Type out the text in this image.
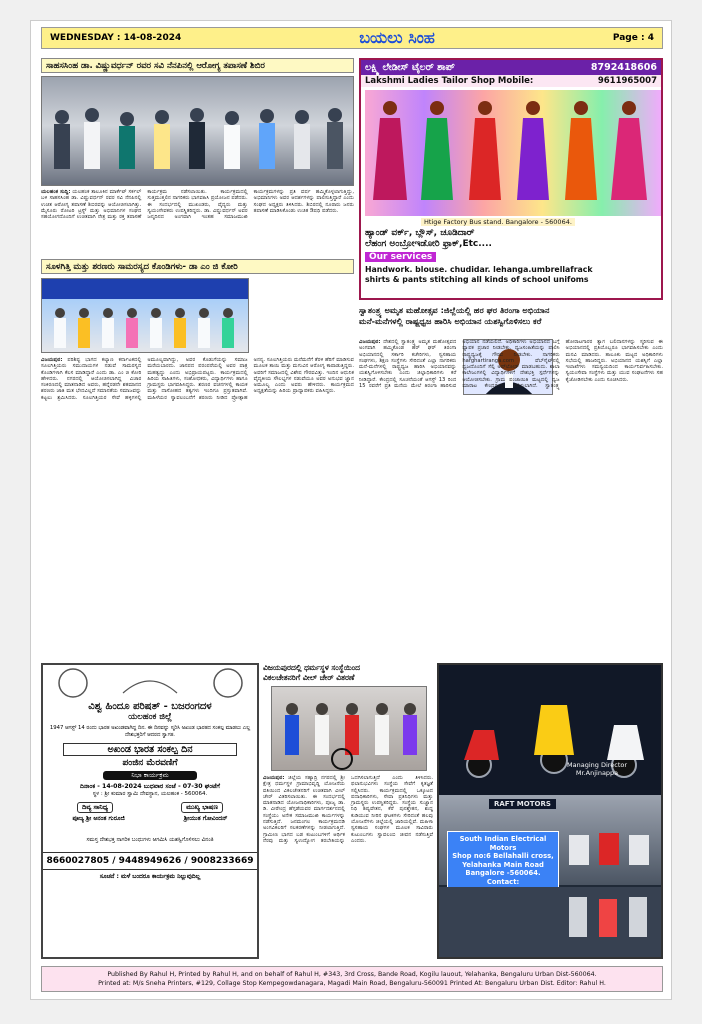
WEDNESDAY : 14-08-2024	ಬಯಲು ಸಿಂಹ	Page : 4
ಸಾಹಸಸಿಂಹ ಡಾ. ವಿಷ್ಣುವರ್ಧನ್ ರವರ ಸವಿ ನೆನಪಿನಲ್ಲಿ ಆರೋಗ್ಯ ತಪಾಸಣೆ ಶಿಬಿರ
ಯಲಹಂಕ ಸುದ್ದಿ: ಯಲಹಂಕ ತಾಲೂಕಿನ ಮಾರ್ಕೆಟ್ ಸರ್ಕಲ್ ಬಳಿ ಸಾಹಸಸಿಂಹ ಡಾ. ವಿಷ್ಣುವರ್ಧನ್ ರವರ ಸವಿ ನೆನಪಿನಲ್ಲಿ ಉಚಿತ ಆರೋಗ್ಯ ತಪಾಸಣೆ ಶಿಬಿರವನ್ನು ಆಯೋಜಿಸಲಾಗಿತ್ತು. ಮೈಸೂರು ರೋಟರಿ ಟ್ರಸ್ಟ್ ಮತ್ತು ಅಭಿಮಾನಿಗಳ ಸಂಘದ ಸಹಯೋಗದೊಂದಿಗೆ ಉಚಿತವಾಗಿ ನೇತ್ರ ಮತ್ತು ರಕ್ತ ತಪಾಸಣೆ ಕಾರ್ಯಕ್ರಮ ನಡೆಸಲಾಯಿತು. ಕಾರ್ಯಕ್ರಮದಲ್ಲಿ ಸುತ್ತಮುತ್ತಲಿನ ನಾಗರಿಕರು ಭಾಗವಹಿಸಿ ಪ್ರಯೋಜನ ಪಡೆದರು. ಈ ಸಂದರ್ಭದಲ್ಲಿ ಮುಖಂಡರು, ವೈದ್ಯರು ಮತ್ತು ಸ್ವಯಂಸೇವಕರು ಉಪಸ್ಥಿತರಿದ್ದರು. ಡಾ. ವಿಷ್ಣುವರ್ಧನ್ ಅವರ ಜನ್ಮದಿನದ ಅಂಗವಾಗಿ ಇಂತಹ ಸಮಾಜಮುಖಿ ಕಾರ್ಯಕ್ರಮಗಳನ್ನು ಪ್ರತಿ ವರ್ಷ ಹಮ್ಮಿಕೊಳ್ಳಲಾಗುತ್ತಿದ್ದು, ಅಭಿಮಾನಿಗಳು ಅವರ ಆದರ್ಶಗಳನ್ನು ಪಾಲಿಸುತ್ತಿದ್ದಾರೆ ಎಂದು ಸಂಘದ ಅಧ್ಯಕ್ಷರು ತಿಳಿಸಿದರು. ಶಿಬಿರದಲ್ಲಿ ನೂರಾರು ಜನರು ತಪಾಸಣೆ ಮಾಡಿಸಿಕೊಂಡು ಉಚಿತ ಔಷಧಿ ಪಡೆದರು.
ಲಕ್ಷ್ಮಿ ಲೇಡೀಸ್ ಟೈಲರ್ ಶಾಪ್	8792418606
Lakshmi Ladies Tailor Shop Mobile:	9611965007
Htige Factory Bus stand. Bangalore - 560064.
ಹ್ಯಾಂಡ್ ವರ್ಕ್, ಬ್ಲೌಸ್, ಚೂಡಿದಾರ್
ಲೆಹಂಗ ಅಂಬ್ರೋಇಡೋರಿ ಫ್ರಾಕ್,Etc....
Our services
Handwork. blouse. chudidar. lehanga.umbrellafrack
shirts & pants stitching all kinds of school unifoms
ಸೂಳಗಿತ್ತಿ ಮತ್ತು ಶರಣರು ಸಾಮರಸ್ಯದ ಕೊಂಡಿಗಳು- ಡಾ ಎಂ ಜಿ ಕೋರಿ
ವಿಜಯಪುರ: ಪರಿಶಿಷ್ಟ ಭಾಗದ ಕಲ್ಯಾಣ ಕರ್ನಾಟಕದಲ್ಲಿ ಸೂಲಗಿತ್ತಿಯರು ಸಮುದಾಯಗಳ ನಡುವೆ ಸಾಮರಸ್ಯದ ಕೊಂಡಿಗಳಾಗಿ ಕೆಲಸ ಮಾಡಿದ್ದಾರೆ ಎಂದು ಡಾ. ಎಂ ಜಿ ಕೋರಿ ಹೇಳಿದರು. ನಗರದಲ್ಲಿ ಆಯೋಜಿಸಲಾಗಿದ್ದ ವಿಚಾರ ಸಂಕಿರಣದಲ್ಲಿ ಮಾತನಾಡಿದ ಅವರು, ಹನ್ನೆರಡನೇ ಶತಮಾನದ ಶರಣರು ಜಾತಿ ಮತ ಭೇದವಿಲ್ಲದೆ ಸಮಾನತೆಯ ಸಮಾಜವನ್ನು ಕಟ್ಟಲು ಶ್ರಮಿಸಿದರು. ಸೂಲಗಿತ್ತಿಯರ ಸೇವೆ ಹಳ್ಳಿಗಳಲ್ಲಿ ಅಮೂಲ್ಯವಾಗಿದ್ದು, ಅವರ ಕೊಡುಗೆಯನ್ನು ಸಮಾಜ ಮರೆಯಬಾರದು. ಜಾನಪದ ಪರಂಪರೆಯಲ್ಲಿ ಅವರ ಪಾತ್ರ ಮಹತ್ವದ್ದು ಎಂದು ಅಭಿಪ್ರಾಯಪಟ್ಟರು. ಕಾರ್ಯಕ್ರಮದಲ್ಲಿ ಹಿರಿಯ ಸಾಹಿತಿಗಳು, ಸಂಶೋಧಕರು, ವಿದ್ಯಾರ್ಥಿಗಳು ಹಾಗೂ ಗ್ರಾಮಸ್ಥರು ಭಾಗವಹಿಸಿದ್ದರು. ಶರಣರ ವಚನಗಳಲ್ಲಿ ಕಾಯಕ ಮತ್ತು ದಾಸೋಹದ ತತ್ವಗಳು ಇಂದಿಗೂ ಪ್ರಸ್ತುತವಾಗಿವೆ. ಮಹಿಳೆಯರ ಸ್ವಾವಲಂಬನೆಗೆ ಶರಣರು ನೀಡಿದ ಪ್ರೋತ್ಸಾಹ ಅನನ್ಯ. ಸೂಲಗಿತ್ತಿಯರು ಮನೆಮನೆಗೆ ತೆರಳಿ ಹೆರಿಗೆ ಮಾಡಿಸುವ ಮೂಲಕ ತಾಯಿ ಮತ್ತು ಮಗುವಿನ ಆರೋಗ್ಯ ಕಾಪಾಡುತ್ತಿದ್ದರು. ಅವರಿಗೆ ಸಮಾಜದಲ್ಲಿ ವಿಶೇಷ ಗೌರವವಿತ್ತು. ಇಂದಿನ ಆಧುನಿಕ ವೈದ್ಯಕೀಯ ಸೌಲಭ್ಯಗಳ ನಡುವೆಯೂ ಅವರ ಅನುಭವ ಜ್ಞಾನ ಅಮೂಲ್ಯ ಎಂದು ಅವರು ಹೇಳಿದರು. ಕಾರ್ಯಕ್ರಮದ ಅಧ್ಯಕ್ಷತೆಯನ್ನು ಹಿರಿಯ ಪ್ರಾಧ್ಯಾಪಕರು ವಹಿಸಿದ್ದರು.
ಸ್ವಾತಂತ್ರ್ಯ ಅಮೃತ ಮಹೋತ್ಸವ :ಜಿಲ್ಲೆಯಲ್ಲಿ ಹರ ಘರ ತಿರಂಗಾ ಅಭಿಯಾನ
ಮನೆ-ಮನೆಗಳಲ್ಲಿ ರಾಷ್ಟ್ರಧ್ವಜ ಹಾರಿಸಿ ಅಭಿಯಾನ ಯಶಸ್ವಿಗೊಳಿಸಲು ಕರೆ
ವಿಜಯಪುರ: ದೇಶದಲ್ಲಿ ಸ್ವಾತಂತ್ರ್ಯ ಅಮೃತ ಮಹೋತ್ಸವದ ಅಂಗವಾಗಿ ಹಮ್ಮಿಕೊಂಡ ಹರ್ ಘರ್ ತಿರಂಗಾ ಅಭಿಯಾನದಲ್ಲಿ ಸರ್ಕಾರಿ ಕಚೇರಿಗಳು, ಸ್ವಸಹಾಯ ಸಂಘಗಳು, ಶಿಕ್ಷಣ ಸಂಸ್ಥೆಗಳು ಸೇರಿದಂತೆ ಎಲ್ಲಾ ನಾಗರಿಕರು ಮನೆ-ಮನೆಗಳಲ್ಲಿ ರಾಷ್ಟ್ರಧ್ವಜ ಹಾರಿಸಿ ಅಭಿಯಾನವನ್ನು ಯಶಸ್ವಿಗೊಳಿಸಬೇಕು ಎಂದು ಜಿಲ್ಲಾಧಿಕಾರಿಗಳು ಕರೆ ನೀಡಿದ್ದಾರೆ. ಕೇಂದ್ರದಲ್ಲಿ ಸೂಚನೆಯಂತೆ ಆಗಸ್ಟ್ 13 ರಿಂದ 15 ರವರೆಗೆ ಪ್ರತಿ ಮನೆಯ ಮೇಲೆ ತಿರಂಗಾ ಹಾರಿಸುವ ಅಭಿಯಾನ ನಡೆಯಲಿದೆ. ಅಧಿಕಾರಿಗಳು ಅಭಿಯಾನದ ಬಗ್ಗೆ ವ್ಯಾಪಕ ಪ್ರಚಾರ ನೀಡಬೇಕು. ಧ್ವಜಸಂಹಿತೆಯನ್ನು ಪಾಲಿಸಿ ರಾಷ್ಟ್ರಧ್ವಜಕ್ಕೆ ಗೌರವ ನೀಡಬೇಕು. ನಾಗರಿಕರು harghartiranga.com ವೆಬ್‌ಸೈಟ್‌ನಲ್ಲಿ ಧ್ವಜದೊಂದಿಗೆ ಸೆಲ್ಫಿ ಅಪ್‌ಲೋಡ್ ಮಾಡಬಹುದು. ಶಾಲಾ ಕಾಲೇಜುಗಳಲ್ಲಿ ವಿದ್ಯಾರ್ಥಿಗಳಿಗೆ ದೇಶಭಕ್ತಿ ಸ್ಪರ್ಧೆಗಳನ್ನು ಆಯೋಜಿಸಬೇಕು. ಗ್ರಾಮ ಪಂಚಾಯಿತಿ ಮಟ್ಟದಲ್ಲಿ ಧ್ವಜ ಮಾರಾಟ ಕೇಂದ್ರಗಳನ್ನು ತೆರೆಯಲಾಗಿದೆ. ಸ್ವಾತಂತ್ರ್ಯ ಹೋರಾಟಗಾರರ ತ್ಯಾಗ ಬಲಿದಾನಗಳನ್ನು ಸ್ಮರಿಸುವ ಈ ಅಭಿಯಾನದಲ್ಲಿ ಪ್ರತಿಯೊಬ್ಬರೂ ಭಾಗವಹಿಸಬೇಕು ಎಂದು ಮನವಿ ಮಾಡಿದರು. ತಾಲೂಕು ಮಟ್ಟದ ಅಧಿಕಾರಿಗಳು ಸಭೆಯಲ್ಲಿ ಹಾಜರಿದ್ದರು. ಅಭಿಯಾನದ ಯಶಸ್ಸಿಗೆ ಎಲ್ಲಾ ಇಲಾಖೆಗಳು ಸಮನ್ವಯದಿಂದ ಕಾರ್ಯನಿರ್ವಹಿಸಬೇಕು. ಸ್ವಯಂಸೇವಾ ಸಂಸ್ಥೆಗಳು ಮತ್ತು ಯುವ ಸಂಘಟನೆಗಳು ಸಹ ಕೈಜೋಡಿಸಬೇಕು ಎಂದು ಸೂಚಿಸಿದರು.
ವಿಶ್ವ ಹಿಂದೂ ಪರಿಷತ್ - ಬಜರಂಗದಳ
ಯಲಹಂಕ ಜಿಲ್ಲೆ
1947 ಆಗಸ್ಟ್ 14 ರಂದು ಭಾರತ ಅಖಂಡವಾಗಿದ್ದ ದಿನ. ಈ ದಿನವನ್ನು ಸ್ಮರಿಸಿ ಅಖಂಡ ಭಾರತದ ಸಂಕಲ್ಪ ಮಾಡಲು ಎಲ್ಲ ದೇಶಭಕ್ತರಿಗೆ ಆದರದ ಸ್ವಾಗತ.
ಅಖಂಡ ಭಾರತ ಸಂಕಲ್ಪ ದಿನ
ಪಂಜಿನ ಮೆರವಣಿಗೆ
ನಿಭಾ ಕಾರ್ಯಕ್ರಮ
ದಿನಾಂಕ - 14-08-2024 ಬುಧವಾರ ಸಂಜೆ - 07-30 ಘಂಟೆಗೆ
ಸ್ಥಳ : ಶ್ರೀ ಕುಮಾರ ಸ್ವಾಮಿ ದೇವಸ್ಥಾನ, ಯಲಹಂಕ - 560064.
ದಿವ್ಯ ಸಾನಿಧ್ಯ	ಮುಖ್ಯ ಭಾಷಣ
ಪೂಜ್ಯ ಶ್ರೀ ಅನಂತ ಗುರೂಜಿ	ಶ್ರೀಯುತ ಗೋವಿಂದನ್
ಸಮಸ್ತ ದೇಶಭಕ್ತ ನಾಗರಿಕ ಬಂಧುಗಳು ಆಗಮಿಸಿ ಯಶಸ್ವಿಗೊಳಿಸಲು ವಿನಂತಿ
8660027805 / 9448949626 / 9008233669
ಸೂಚನೆ : ಮಳೆ ಬಂದರೂ ಕಾರ್ಯಕ್ರಮ ನಿಲ್ಲುವುದಿಲ್ಲ
ವಿಜಯಪುರದಲ್ಲಿ ಧರ್ಮಸ್ಥಳ ಸಂಸ್ಥೆಯಿಂದ
ವಿಕಲಚೇತನರಿಗೆ ವೀಲ್ ಚೇರ್ ವಿತರಣೆ
ವಿಜಯಪುರ: ಜಿಲ್ಲೆಯ ಸಹ್ಯಾದ್ರಿ ನಗರದಲ್ಲಿ ಶ್ರೀ ಕ್ಷೇತ್ರ ಧರ್ಮಸ್ಥಳ ಗ್ರಾಮಾಭಿವೃದ್ಧಿ ಯೋಜನೆಯ ವತಿಯಿಂದ ವಿಕಲಚೇತನರಿಗೆ ಉಚಿತವಾಗಿ ವೀಲ್ ಚೇರ್ ವಿತರಿಸಲಾಯಿತು. ಈ ಸಂದರ್ಭದಲ್ಲಿ ಮಾತನಾಡಿದ ಯೋಜನಾಧಿಕಾರಿಗಳು, ಪೂಜ್ಯ ಡಾ. ಡಿ. ವೀರೇಂದ್ರ ಹೆಗ್ಗಡೆಯವರ ಮಾರ್ಗದರ್ಶನದಲ್ಲಿ ಸಂಸ್ಥೆಯು ಅನೇಕ ಸಮಾಜಮುಖಿ ಕಾರ್ಯಗಳನ್ನು ನಡೆಸುತ್ತಿದೆ. ಜನಮಂಗಲ ಕಾರ್ಯಕ್ರಮದಡಿ ಅಂಗವಿಕಲರಿಗೆ ಸಲಕರಣೆಗಳನ್ನು ನೀಡಲಾಗುತ್ತಿದೆ. ಗ್ರಾಮೀಣ ಭಾಗದ ಬಡ ಕುಟುಂಬಗಳಿಗೆ ಆರ್ಥಿಕ ನೆರವು ಮತ್ತು ಸ್ವಉದ್ಯೋಗ ತರಬೇತಿಯನ್ನು ಒದಗಿಸಲಾಗುತ್ತಿದೆ ಎಂದು ತಿಳಿಸಿದರು. ಫಲಾನುಭವಿಗಳು ಸಂಸ್ಥೆಯ ಸೇವೆಗೆ ಕೃತಜ್ಞತೆ ಸಲ್ಲಿಸಿದರು. ಕಾರ್ಯಕ್ರಮದಲ್ಲಿ ಒಕ್ಕೂಟದ ಪದಾಧಿಕಾರಿಗಳು, ಸೇವಾ ಪ್ರತಿನಿಧಿಗಳು ಮತ್ತು ಗ್ರಾಮಸ್ಥರು ಉಪಸ್ಥಿತರಿದ್ದರು. ಸಂಸ್ಥೆಯ ಸುಜ್ಞಾನ ನಿಧಿ ಶಿಷ್ಯವೇತನ, ಕೆರೆ ಪುನಶ್ಚೇತನ, ಶುದ್ಧ ಕುಡಿಯುವ ನೀರಿನ ಘಟಕಗಳು ಸೇರಿದಂತೆ ಹಲವು ಯೋಜನೆಗಳು ಜಿಲ್ಲೆಯಲ್ಲಿ ಜಾರಿಯಲ್ಲಿವೆ. ಮಹಿಳಾ ಸ್ವಸಹಾಯ ಸಂಘಗಳ ಮೂಲಕ ಸಾವಿರಾರು ಕುಟುಂಬಗಳು ಸ್ವಾವಲಂಬಿ ಜೀವನ ನಡೆಸುತ್ತಿವೆ ಎಂದರು.
Managing Director
Mr.Anjinappa
RAFT MOTORS
South Indian Electrical Motors
Shop no:6 Bellahalli cross,
Yelahanka Main Road
Bangalore -560064.
Contact:
Published By Rahul H, Printed by Rahul H, and on behalf of Rahul H, #343, 3rd Cross, Bande Road, Kogilu lauout, Yelahanka, Bengaluru Urban Dist-560064.
Printed at: M/s Sneha Printers, #129, Collage Stop Kempegowdanagara, Magadi Main Road, Bengaluru-560091 Printed At: Bengaluru Urban Dist. Editor: Rahul H.
